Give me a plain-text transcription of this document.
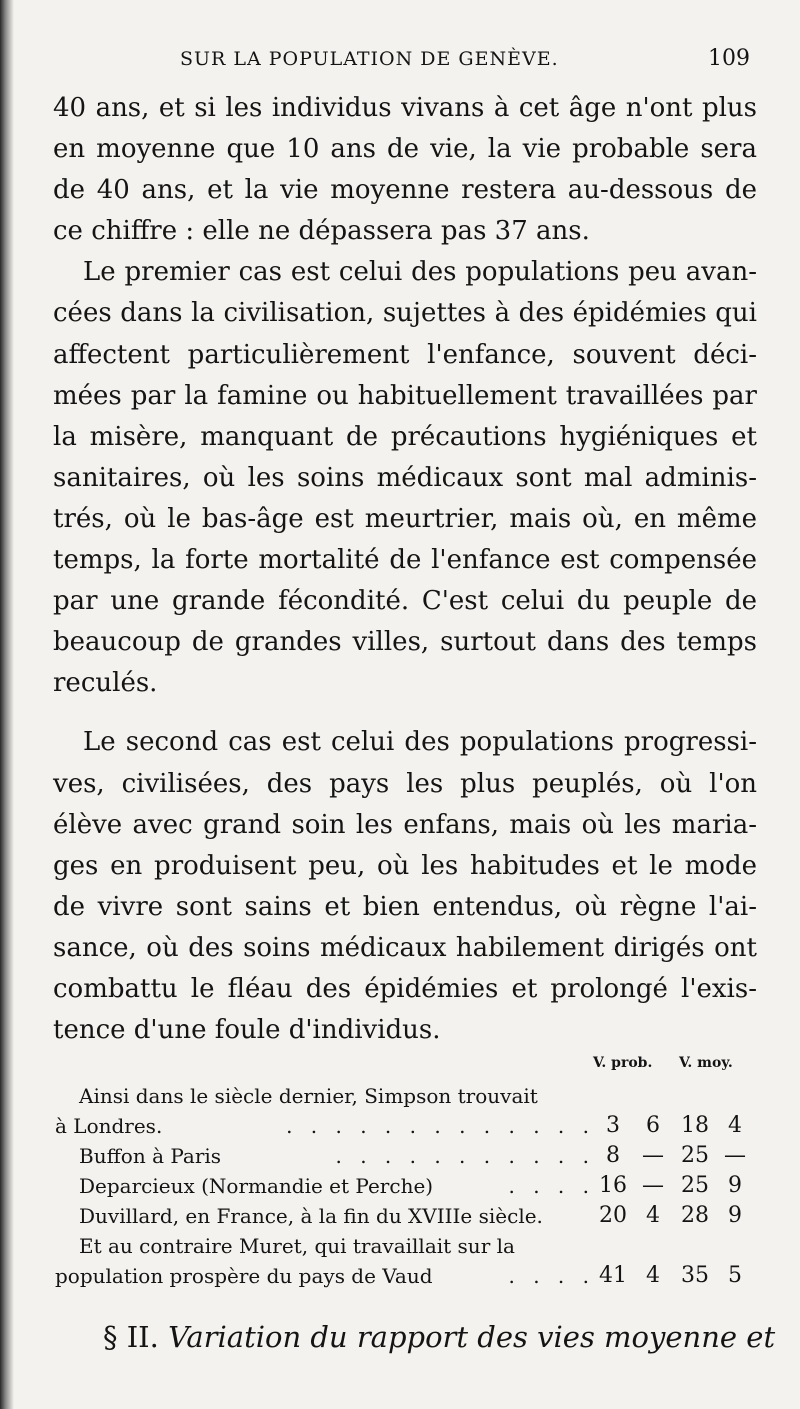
SUR LA POPULATION DE GENÈVE.	109
40 ans, et si les individus vivans à cet âge n'ont plus
en moyenne que 10 ans de vie, la vie probable sera
de 40 ans, et la vie moyenne restera au-dessous de
ce chiffre : elle ne dépassera pas 37 ans.
Le premier cas est celui des populations peu avan-
cées dans la civilisation, sujettes à des épidémies qui
affectent particulièrement l'enfance, souvent déci-
mées par la famine ou habituellement travaillées par
la misère, manquant de précautions hygiéniques et
sanitaires, où les soins médicaux sont mal adminis-
trés, où le bas-âge est meurtrier, mais où, en même
temps, la forte mortalité de l'enfance est compensée
par une grande fécondité. C'est celui du peuple de
beaucoup de grandes villes, surtout dans des temps
reculés.
Le second cas est celui des populations progressi-
ves, civilisées, des pays les plus peuplés, où l'on
élève avec grand soin les enfans, mais où les maria-
ges en produisent peu, où les habitudes et le mode
de vivre sont sains et bien entendus, où règne l'ai-
sance, où des soins médicaux habilement dirigés ont
combattu le fléau des épidémies et prolongé l'exis-
tence d'une foule d'individus.
V. prob. V. moy.
Ainsi dans le siècle dernier, Simpson trouvait
à Londres.	. . . . . . . . . . . . . 3	6 18 4
Buffon à Paris	. . . . . . . . . . . 8	— 25 —
Deparcieux (Normandie et Perche)	. . . . 16 — 25 9
Duvillard, en France, à la fin du XVIIIe siècle.	20 4 28 9
Et au contraire Muret, qui travaillait sur la
population prospère du pays de Vaud	. . . . 41 4 35 5
§ II. Variation du rapport des vies moyenne et
